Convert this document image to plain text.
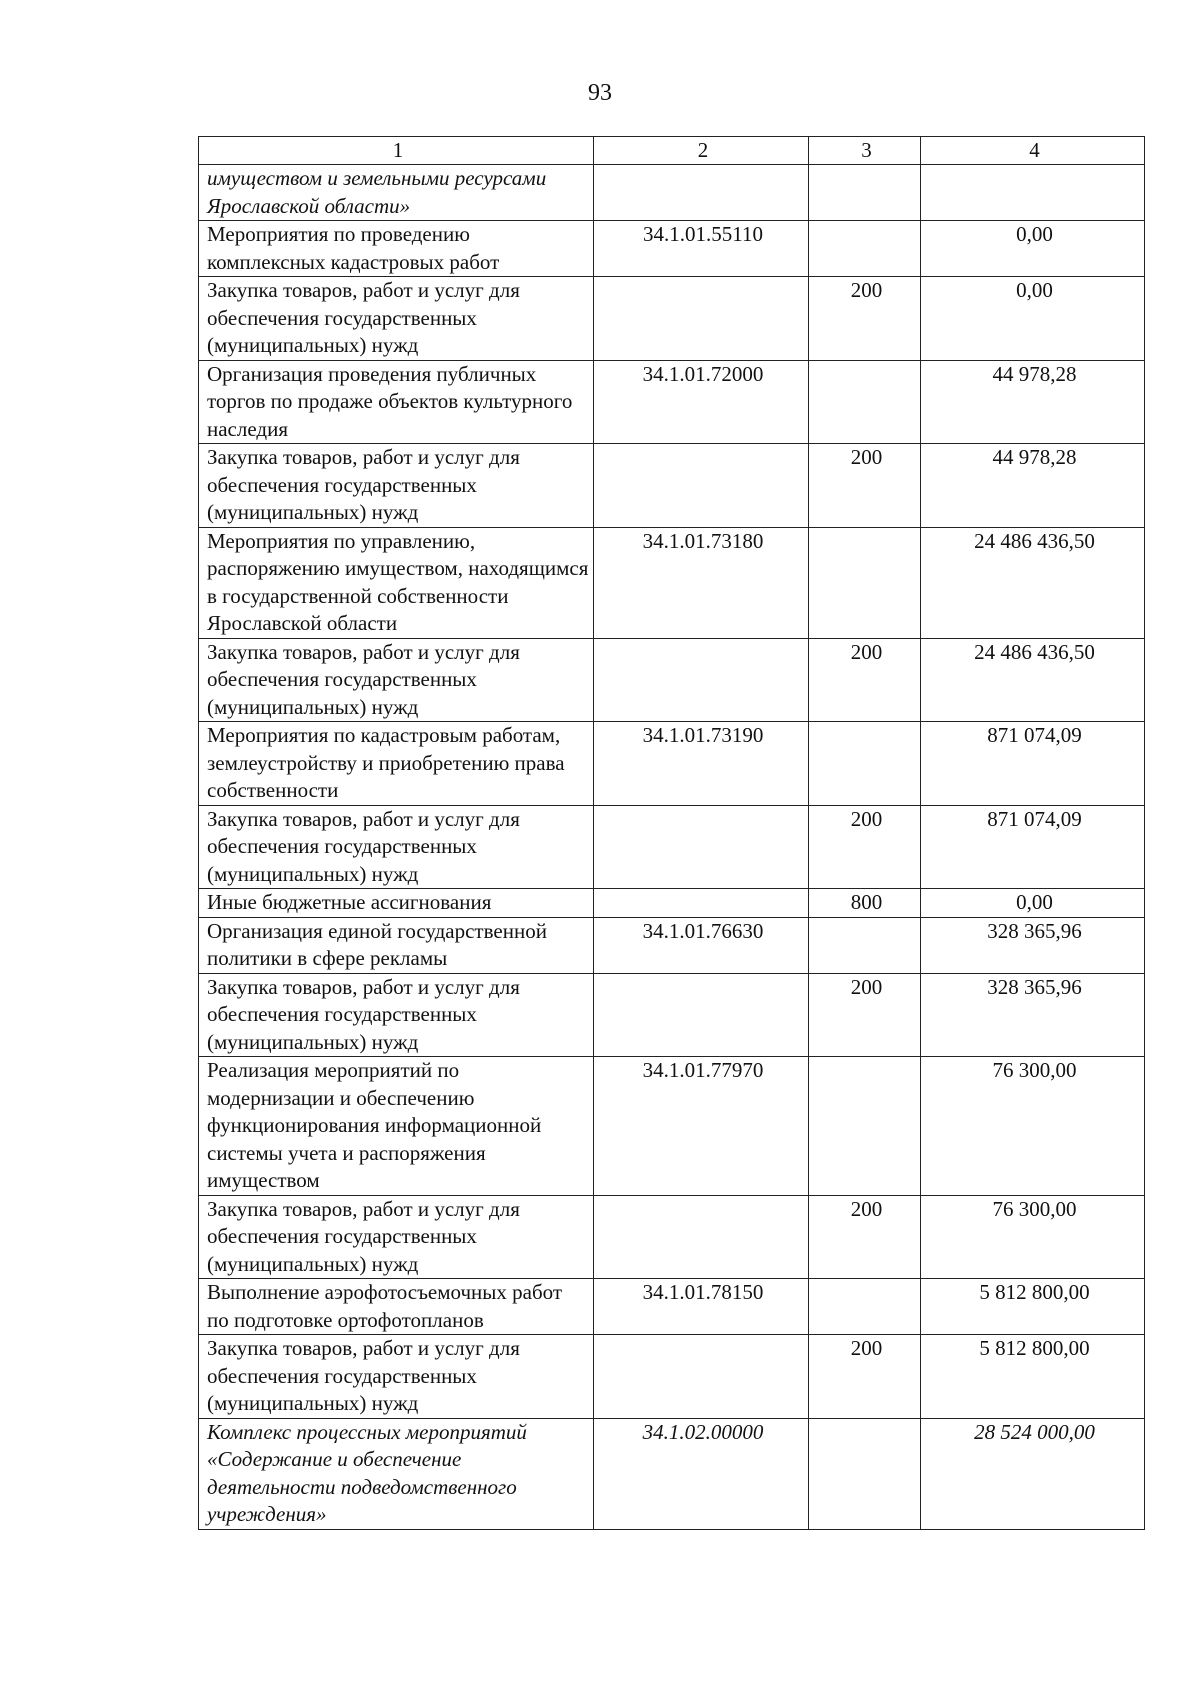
93
1	2	3	4
имуществом и земельными ресурсами Ярославской области»			
Мероприятия по проведению комплексных кадастровых работ	34.1.01.55110		0,00
Закупка товаров, работ и услуг для обеспечения государственных (муниципальных) нужд		200	0,00
Организация проведения публичных торгов по продаже объектов культурного наследия	34.1.01.72000		44 978,28
Закупка товаров, работ и услуг для обеспечения государственных (муниципальных) нужд		200	44 978,28
Мероприятия по управлению, распоряжению имуществом, находящимся в государственной собственности Ярославской области	34.1.01.73180		24 486 436,50
Закупка товаров, работ и услуг для обеспечения государственных (муниципальных) нужд		200	24 486 436,50
Мероприятия по кадастровым работам, землеустройству и приобретению права собственности	34.1.01.73190		871 074,09
Закупка товаров, работ и услуг для обеспечения государственных (муниципальных) нужд		200	871 074,09
Иные бюджетные ассигнования		800	0,00
Организация единой государственной политики в сфере рекламы	34.1.01.76630		328 365,96
Закупка товаров, работ и услуг для обеспечения государственных (муниципальных) нужд		200	328 365,96
Реализация мероприятий по модернизации и обеспечению функционирования информационной системы учета и распоряжения имуществом	34.1.01.77970		76 300,00
Закупка товаров, работ и услуг для обеспечения государственных (муниципальных) нужд		200	76 300,00
Выполнение аэрофотосъемочных работ по подготовке ортофотопланов	34.1.01.78150		5 812 800,00
Закупка товаров, работ и услуг для обеспечения государственных (муниципальных) нужд		200	5 812 800,00
Комплекс процессных мероприятий «Содержание и обеспечение деятельности подведомственного учреждения»	34.1.02.00000		28 524 000,00
